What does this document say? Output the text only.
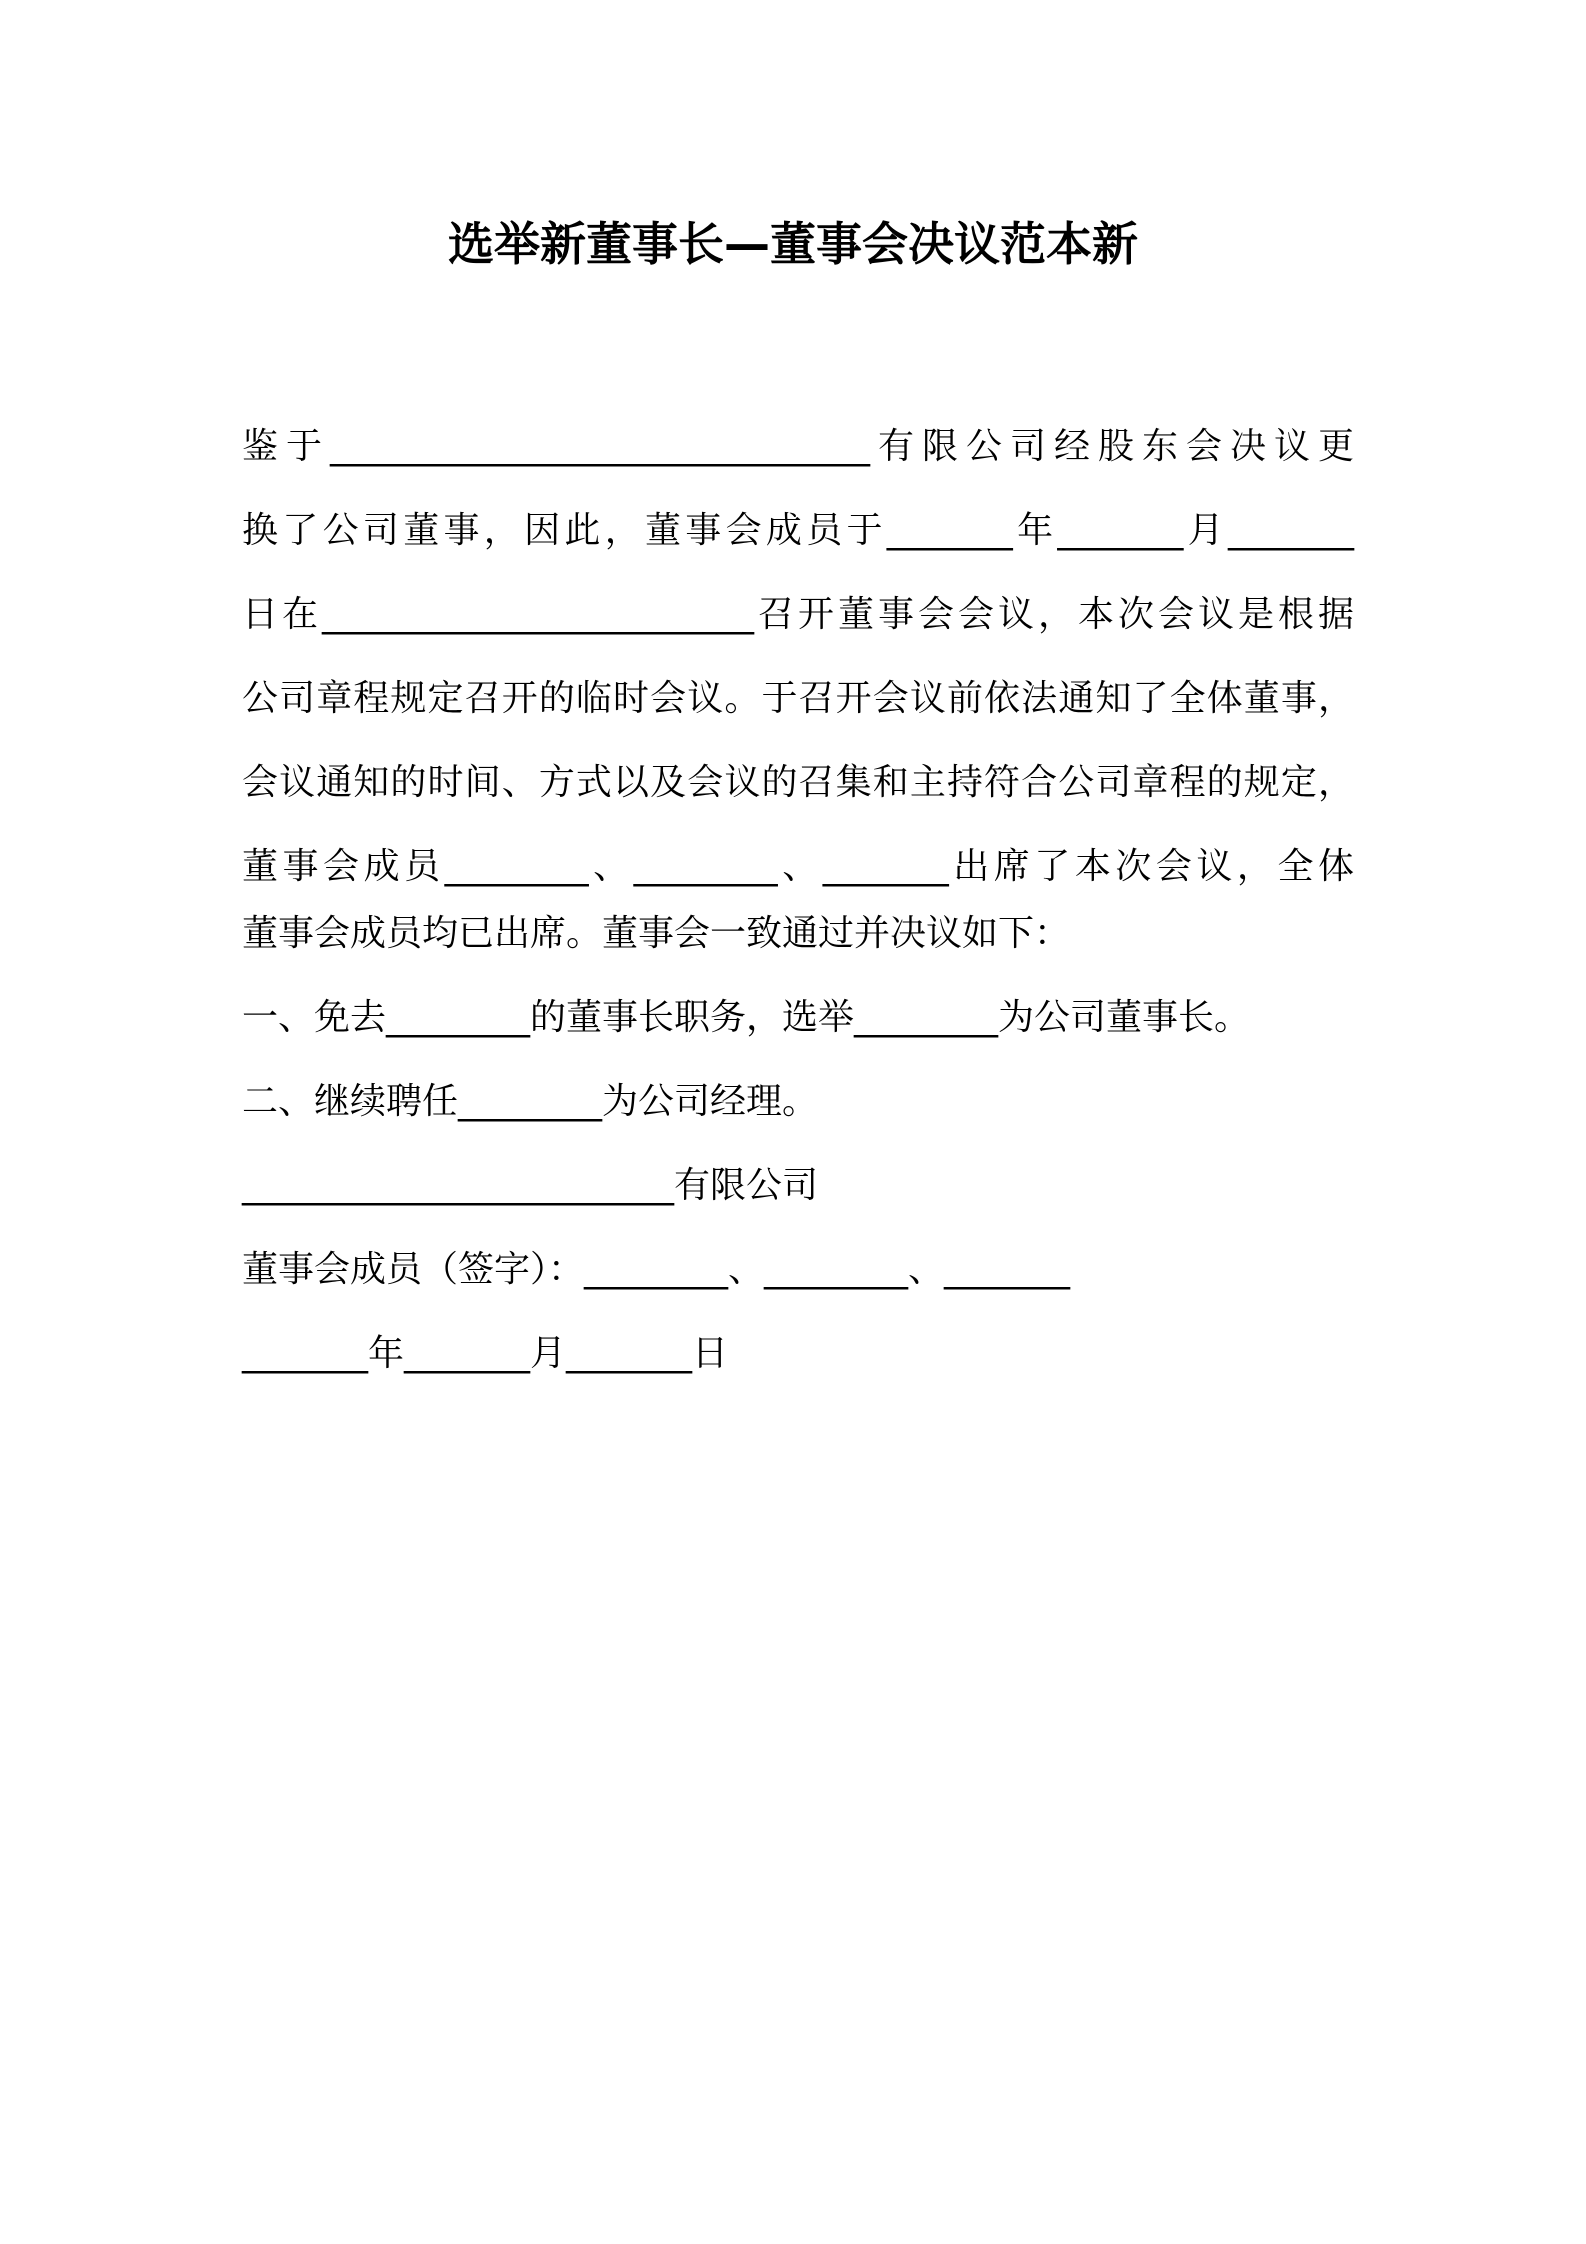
选举新董事长—董事会决议范本新
鉴于______________________________有限公司经股东会决议更
换了公司董事，因此，董事会成员于_______年_______月_______
日在________________________召开董事会会议，本次会议是根据
公司章程规定召开的临时会议。于召开会议前依法通知了全体董事，
会议通知的时间、方式以及会议的召集和主持符合公司章程的规定，
董事会成员________、________、_______出席了本次会议，全体
董事会成员均已出席。董事会一致通过并决议如下：
一、免去________的董事长职务，选举________为公司董事长。
二、继续聘任________为公司经理。
________________________有限公司
董事会成员（签字）：________、________、_______
_______年_______月_______日
